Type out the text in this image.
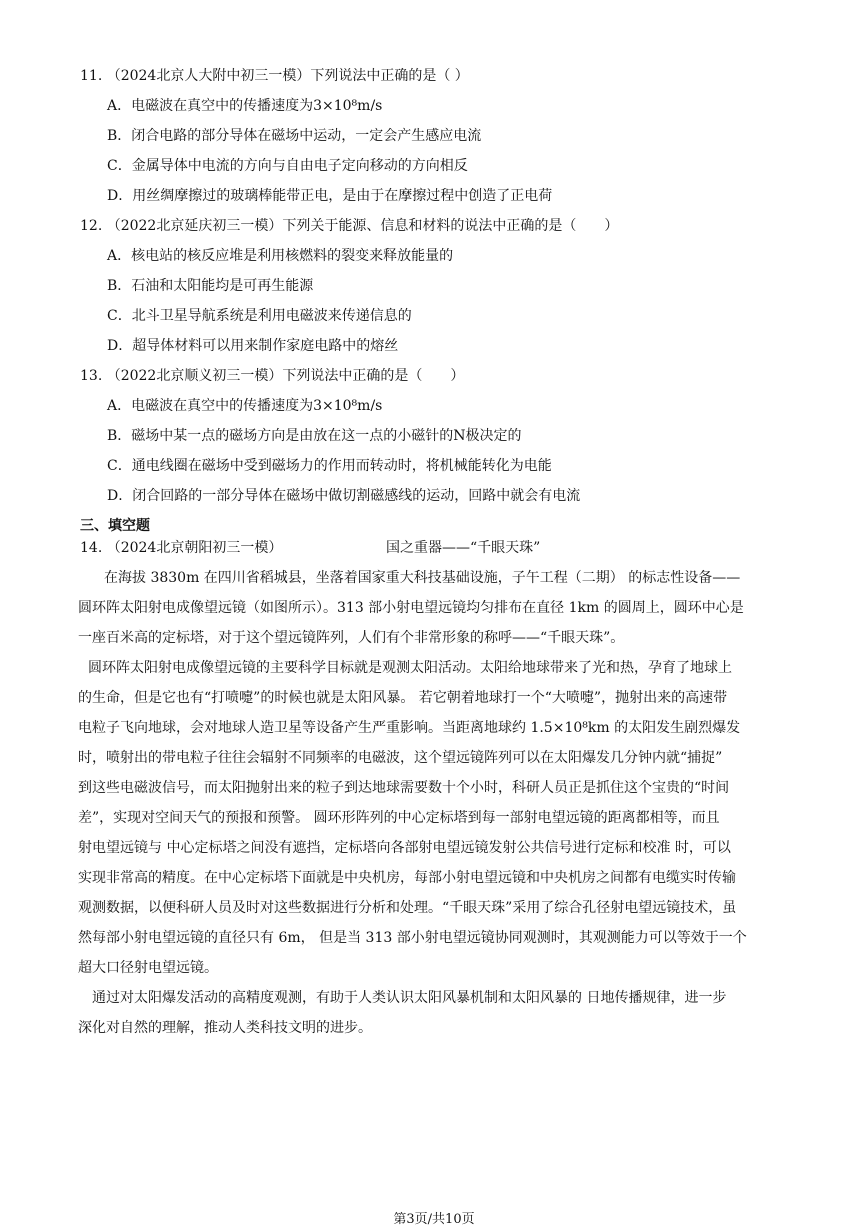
11. （2024北京人大附中初三一模）下列说法中正确的是（ ）
A．电磁波在真空中的传播速度为3×10⁸m/s
B．闭合电路的部分导体在磁场中运动，一定会产生感应电流
C．金属导体中电流的方向与自由电子定向移动的方向相反
D．用丝绸摩擦过的玻璃棒能带正电，是由于在摩擦过程中创造了正电荷
12. （2022北京延庆初三一模）下列关于能源、信息和材料的说法中正确的是（　　）
A．核电站的核反应堆是利用核燃料的裂变来释放能量的
B．石油和太阳能均是可再生能源
C．北斗卫星导航系统是利用电磁波来传递信息的
D．超导体材料可以用来制作家庭电路中的熔丝
13. （2022北京顺义初三一模）下列说法中正确的是（　　）
A．电磁波在真空中的传播速度为3×10⁸m/s
B．磁场中某一点的磁场方向是由放在这一点的小磁针的N极决定的
C．通电线圈在磁场中受到磁场力的作用而转动时，将机械能转化为电能
D．闭合回路的一部分导体在磁场中做切割磁感线的运动，回路中就会有电流
三、填空题
14. （2024北京朝阳初三一模）	国之重器——“千眼天珠”
在海拔 3830m 在四川省稻城县，坐落着国家重大科技基础设施，子午工程（二期） 的标志性设备——
圆环阵太阳射电成像望远镜（如图所示）。313 部小射电望远镜均匀排布在直径 1km 的圆周上，圆环中心是
一座百米高的定标塔，对于这个望远镜阵列，人们有个非常形象的称呼——“千眼天珠”。
圆环阵太阳射电成像望远镜的主要科学目标就是观测太阳活动。太阳给地球带来了光和热，孕育了地球上
的生命，但是它也有“打喷嚏”的时候也就是太阳风暴。 若它朝着地球打一个“大喷嚏”，抛射出来的高速带
电粒子飞向地球，会对地球人造卫星等设备产生严重影响。当距离地球约 1.5×10⁸km 的太阳发生剧烈爆发
时，喷射出的带电粒子往往会辐射不同频率的电磁波，这个望远镜阵列可以在太阳爆发几分钟内就“捕捉”
到这些电磁波信号，而太阳抛射出来的粒子到达地球需要数十个小时，科研人员正是抓住这个宝贵的“时间
差”，实现对空间天气的预报和预警。 圆环形阵列的中心定标塔到每一部射电望远镜的距离都相等，而且
射电望远镜与 中心定标塔之间没有遮挡，定标塔向各部射电望远镜发射公共信号进行定标和校准 时，可以
实现非常高的精度。在中心定标塔下面就是中央机房，每部小射电望远镜和中央机房之间都有电缆实时传输
观测数据，以便科研人员及时对这些数据进行分析和处理。“千眼天珠”采用了综合孔径射电望远镜技术，虽
然每部小射电望远镜的直径只有 6m， 但是当 313 部小射电望远镜协同观测时，其观测能力可以等效于一个
超大口径射电望远镜。
通过对太阳爆发活动的高精度观测，有助于人类认识太阳风暴机制和太阳风暴的 日地传播规律，进一步
深化对自然的理解，推动人类科技文明的进步。
第3页/共10页
